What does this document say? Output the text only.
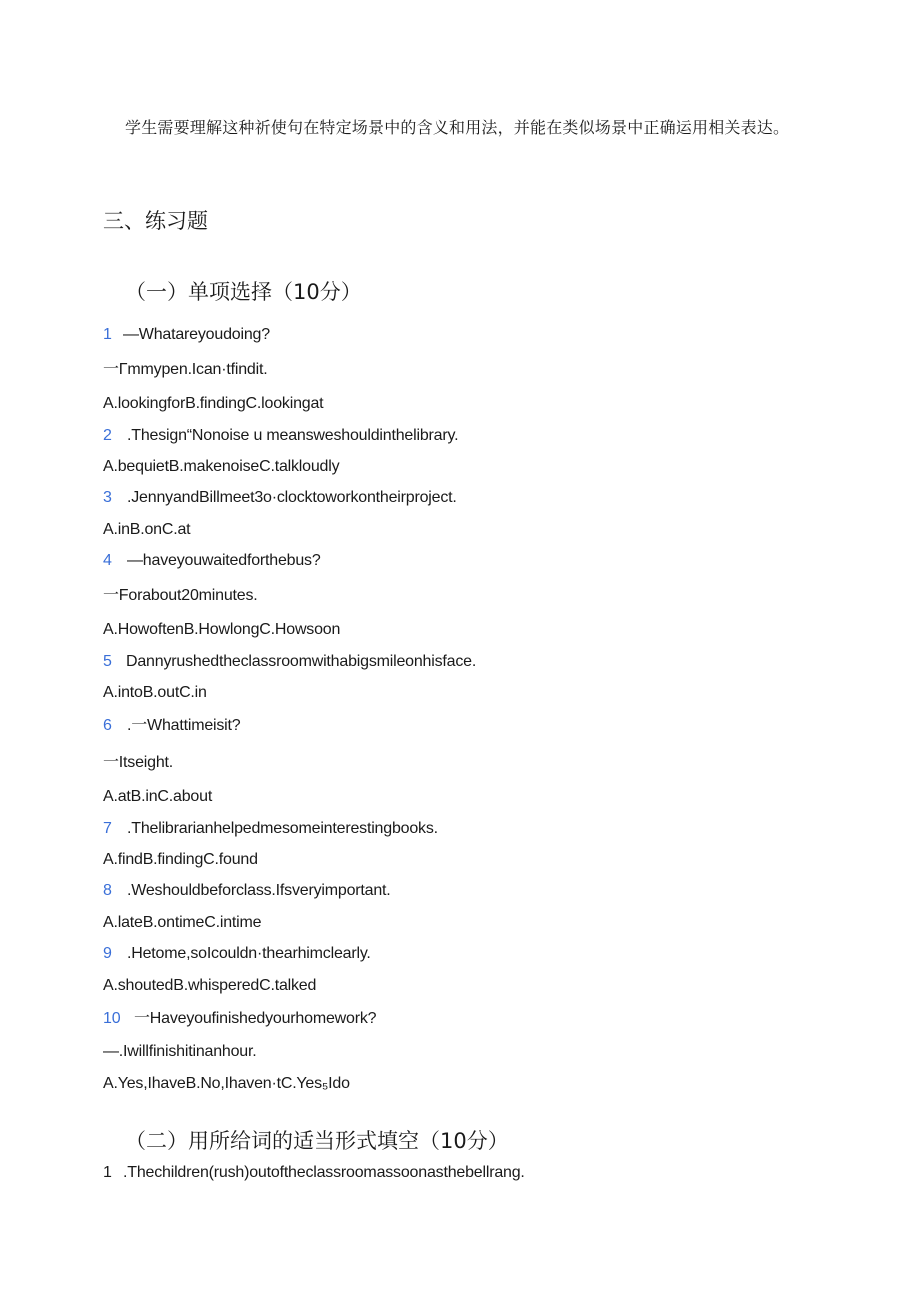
学生需要理解这种祈使句在特定场景中的含义和用法，并能在类似场景中正确运用相关表达。
三、练习题
（一）单项选择（10分）
1 —Whatareyoudoing?
一Γmmypen.Ican·tfindit.
A.lookingforB.findingC.lookingat
2 .Thesign“Nonoise u meansweshouldinthelibrary.
A.bequietB.makenoiseC.talkloudly
3 .JennyandBillmeet3o·clocktoworkontheirproject.
A.inB.onC.at
4 —haveyouwaitedforthebus?
一Forabout20minutes.
A.HowoftenB.HowlongC.Howsoon
5 Dannyrushedtheclassroomwithabigsmileonhisface.
A.intoB.outC.in
6 .一Whattimeisit?
一Itseight.
A.atB.inC.about
7 .Thelibrarianhelpedmesomeinterestingbooks.
A.findB.findingC.found
8 .Weshouldbeforclass.Ifsveryimportant.
A.lateB.ontimeC.intime
9 .Hetome,soIcouldn·thearhimclearly.
A.shoutedB.whisperedC.talked
10 一Haveyoufinishedyourhomework?
—.Iwillfinishitinanhour.
A.Yes,IhaveB.No,Ihaven·tC.Yes₅Ido
（二）用所给词的适当形式填空（10分）
1 .Thechildren(rush)outoftheclassroomassoonasthebellrang.
